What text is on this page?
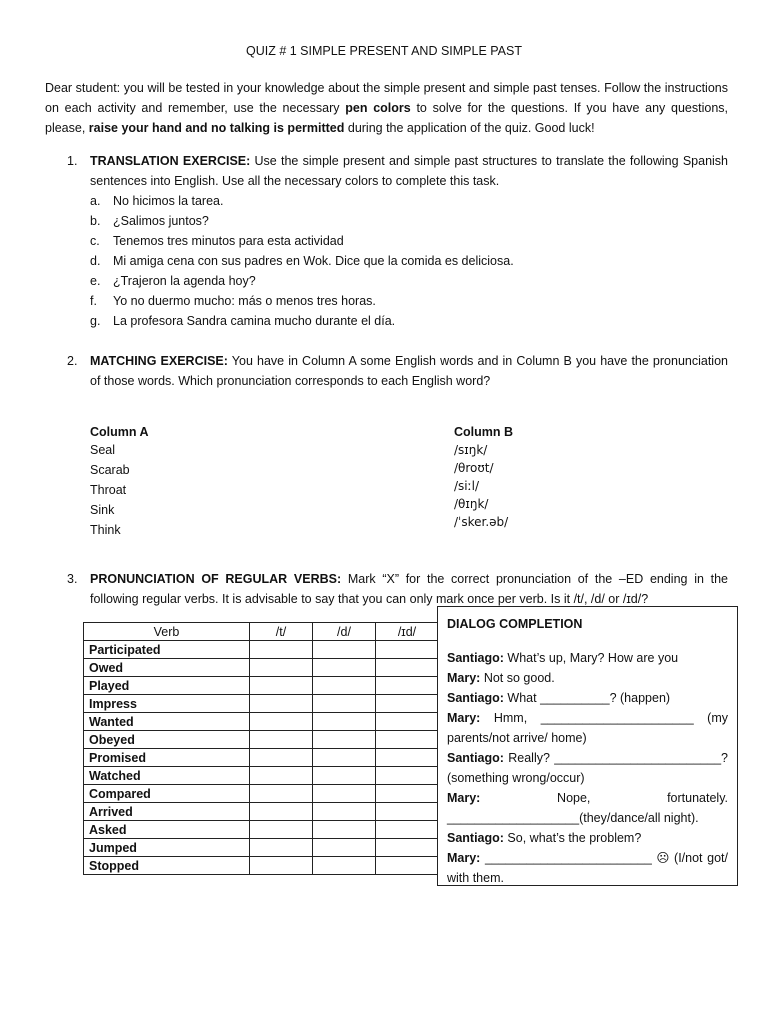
QUIZ # 1 SIMPLE PRESENT AND SIMPLE PAST
Dear student: you will be tested in your knowledge about the simple present and simple past tenses. Follow the instructions on each activity and remember, use the necessary pen colors to solve for the questions. If you have any questions, please, raise your hand and no talking is permitted during the application of the quiz. Good luck!
1. TRANSLATION EXERCISE: Use the simple present and simple past structures to translate the following Spanish sentences into English. Use all the necessary colors to complete this task.
a. No hicimos la tarea.
b. ¿Salimos juntos?
c. Tenemos tres minutos para esta actividad
d. Mi amiga cena con sus padres en Wok. Dice que la comida es deliciosa.
e. ¿Trajeron la agenda hoy?
f. Yo no duermo mucho: más o menos tres horas.
g. La profesora Sandra camina mucho durante el día.
2. MATCHING EXERCISE: You have in Column A some English words and in Column B you have the pronunciation of those words. Which pronunciation corresponds to each English word?
Column A
Seal
Scarab
Throat
Sink
Think
Column B
/sɪŋk/
/θroʊt/
/siːl/
/θɪŋk/
/ˈsker.əb/
3. PRONUNCIATION OF REGULAR VERBS: Mark “X” for the correct pronunciation of the –ED ending in the following regular verbs. It is advisable to say that you can only mark once per verb. Is it /t/, /d/ or /ɪd/?
Verb	/t/	/d/	/ɪd/
Participated			
Owed			
Played			
Impress			
Wanted			
Obeyed			
Promised			
Watched			
Compared			
Arrived			
Asked			
Jumped			
Stopped			
DIALOG COMPLETION
Santiago: What’s up, Mary? How are you
Mary: Not so good.
Santiago: What __________? (happen)
Mary: Hmm, ______________________ (my parents/not arrive/ home)
Santiago: Really? ________________________? (something wrong/occur)
Mary: Nope, fortunately. ___________________(they/dance/all night).
Santiago: So, what’s the problem?
Mary: ________________________ ☹ (I/not got/ with them.
